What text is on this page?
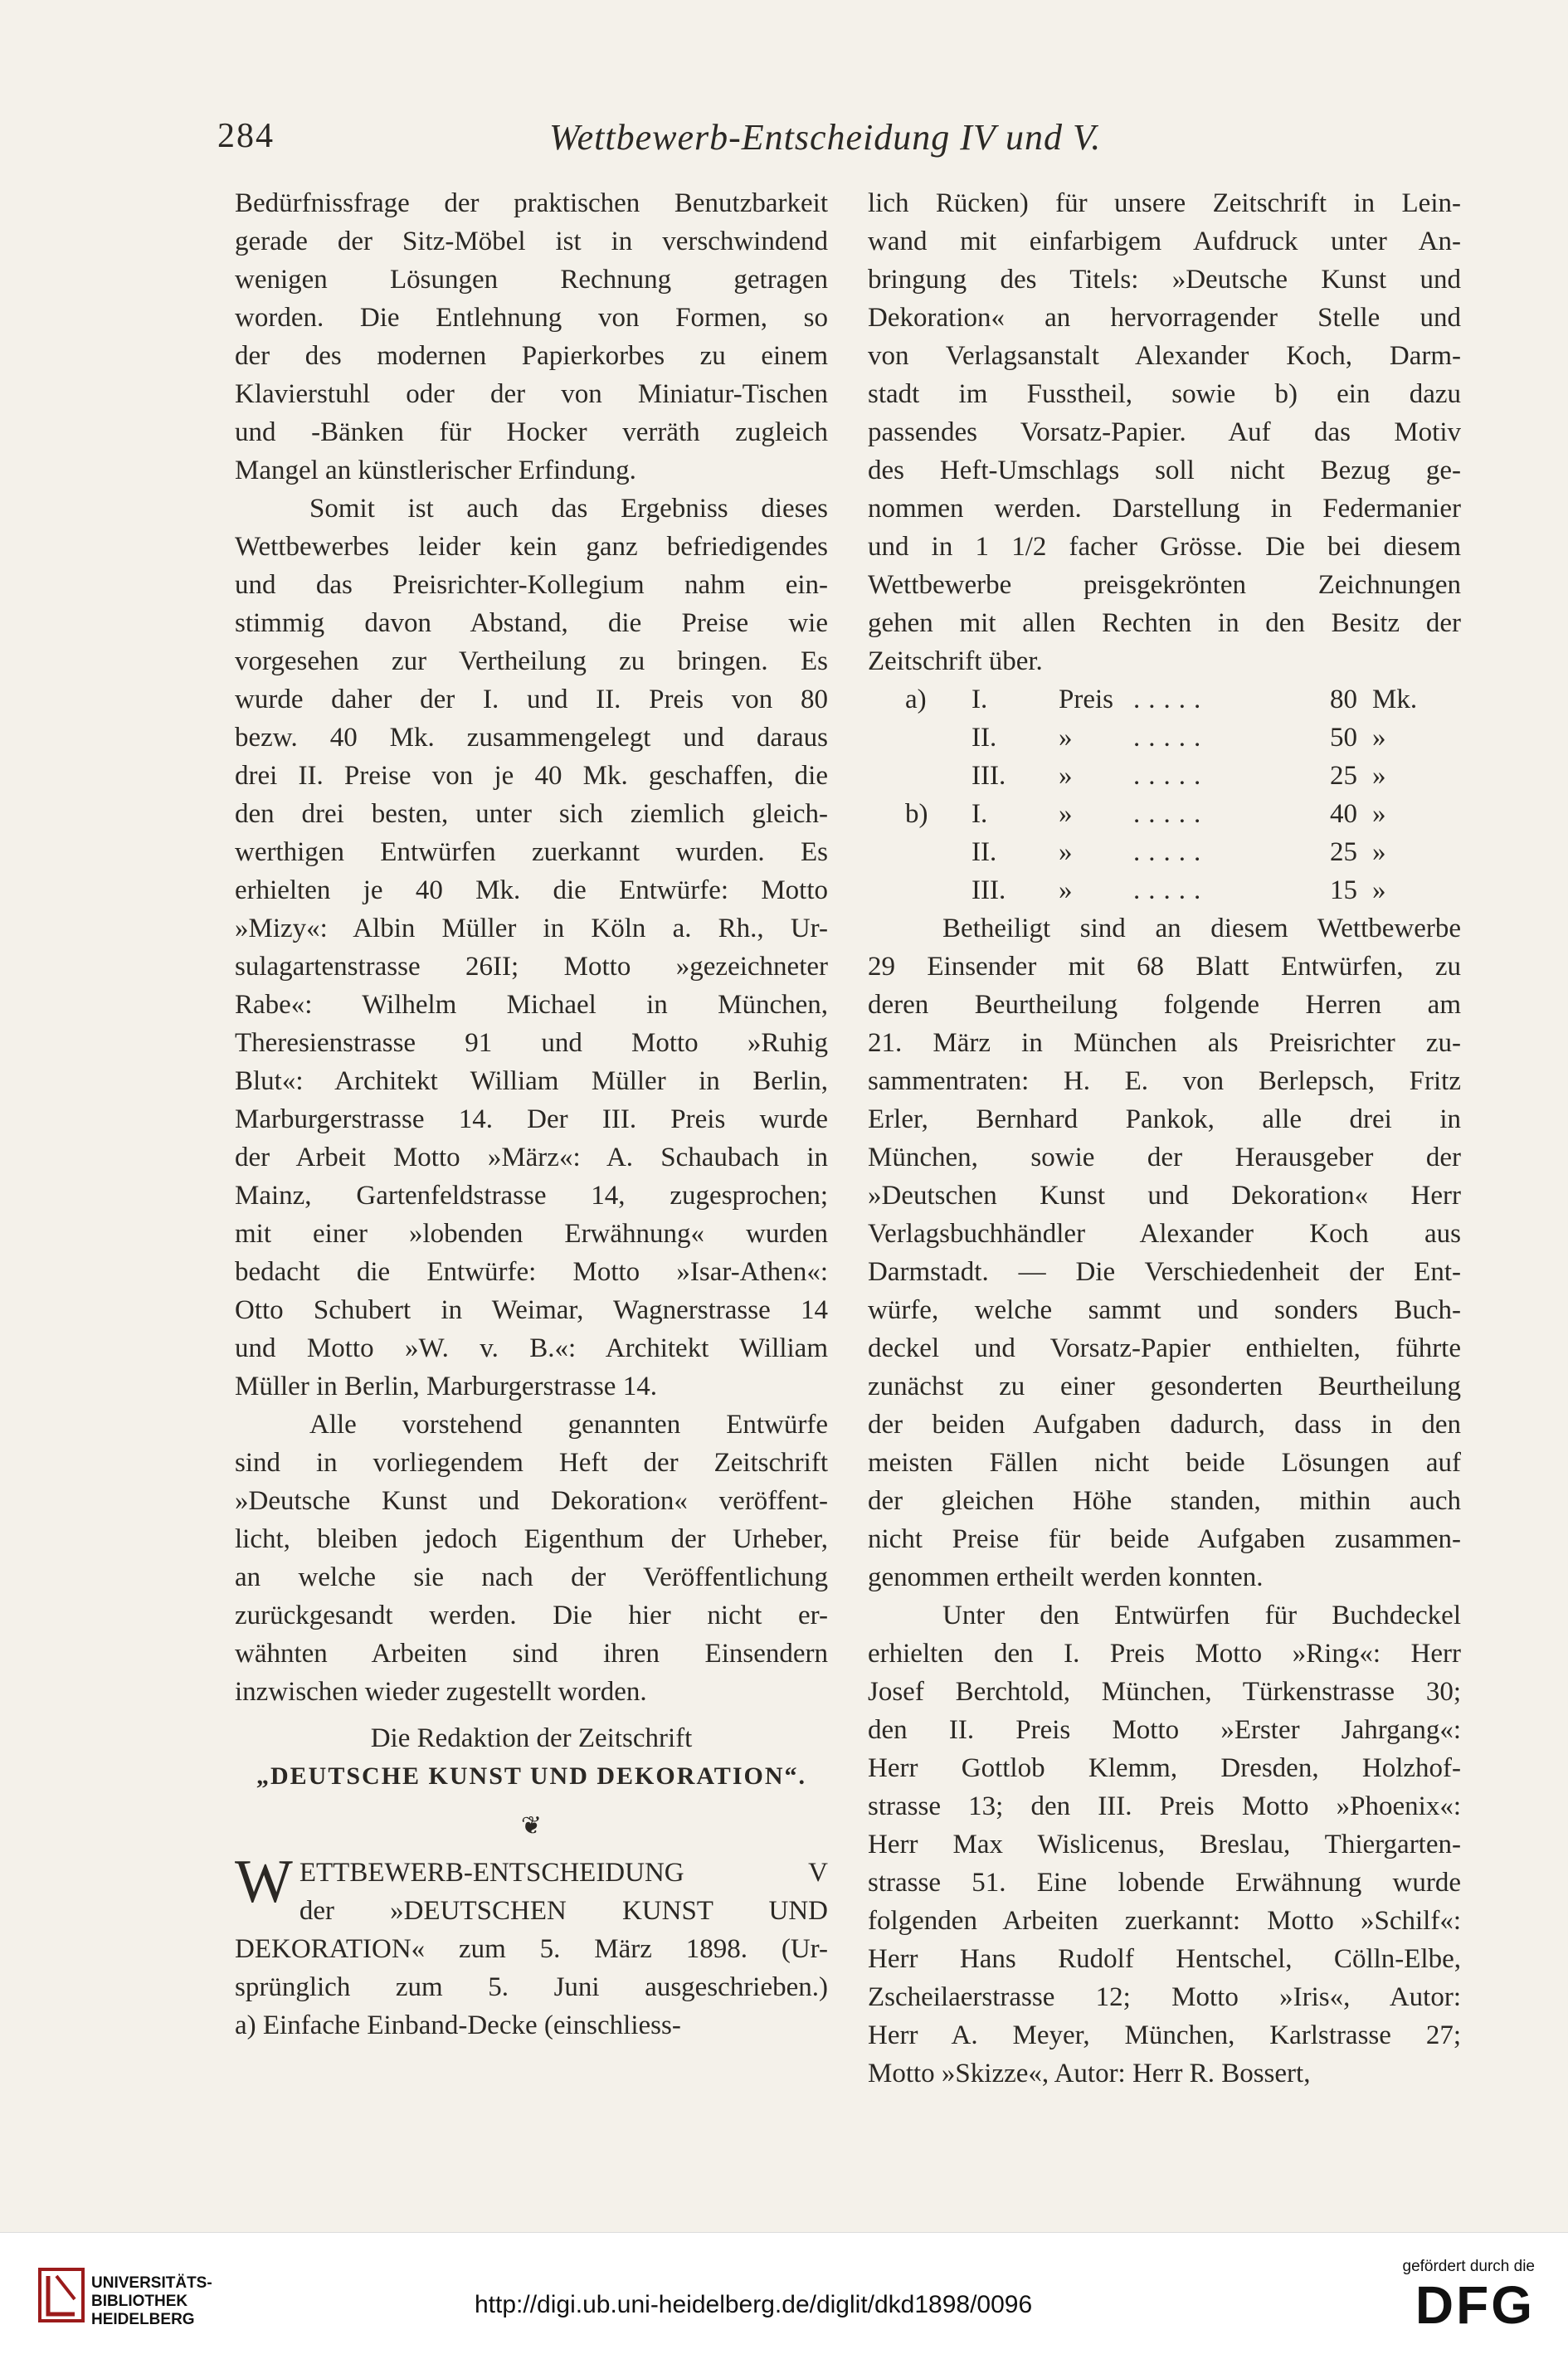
284	Wettbewerb-Entscheidung IV und V.
Bedürfnissfrage der praktischen Benutzbarkeit
gerade der Sitz-Möbel ist in verschwindend
wenigen Lösungen Rechnung getragen
worden. Die Entlehnung von Formen, so
der des modernen Papierkorbes zu einem
Klavierstuhl oder der von Miniatur-Tischen
und -Bänken für Hocker verräth zugleich
Mangel an künstlerischer Erfindung.
Somit ist auch das Ergebniss dieses
Wettbewerbes leider kein ganz befriedigendes
und das Preisrichter-Kollegium nahm ein-
stimmig davon Abstand, die Preise wie
vorgesehen zur Vertheilung zu bringen. Es
wurde daher der I. und II. Preis von 80
bezw. 40 Mk. zusammengelegt und daraus
drei II. Preise von je 40 Mk. geschaffen, die
den drei besten, unter sich ziemlich gleich-
werthigen Entwürfen zuerkannt wurden. Es
erhielten je 40 Mk. die Entwürfe: Motto
»Mizy«: Albin Müller in Köln a. Rh., Ur-
sulagartenstrasse 26II; Motto »gezeichneter
Rabe«: Wilhelm Michael in München,
Theresienstrasse 91 und Motto »Ruhig
Blut«: Architekt William Müller in Berlin,
Marburgerstrasse 14. Der III. Preis wurde
der Arbeit Motto »März«: A. Schaubach in
Mainz, Gartenfeldstrasse 14, zugesprochen;
mit einer »lobenden Erwähnung« wurden
bedacht die Entwürfe: Motto »Isar-Athen«:
Otto Schubert in Weimar, Wagnerstrasse 14
und Motto »W. v. B.«: Architekt William
Müller in Berlin, Marburgerstrasse 14.
Alle vorstehend genannten Entwürfe
sind in vorliegendem Heft der Zeitschrift
»Deutsche Kunst und Dekoration« veröffent-
licht, bleiben jedoch Eigenthum der Urheber,
an welche sie nach der Veröffentlichung
zurückgesandt werden. Die hier nicht er-
wähnten Arbeiten sind ihren Einsendern
inzwischen wieder zugestellt worden.
Die Redaktion der Zeitschrift
„DEUTSCHE KUNST UND DEKORATION“.
❦
W ETTBEWERB-ENTSCHEIDUNG V
der »DEUTSCHEN KUNST UND
DEKORATION« zum 5. März 1898. (Ur-
sprünglich zum 5. Juni ausgeschrieben.)
a) Einfache Einband-Decke (einschliess-
lich Rücken) für unsere Zeitschrift in Lein-
wand mit einfarbigem Aufdruck unter An-
bringung des Titels: »Deutsche Kunst und
Dekoration« an hervorragender Stelle und
von Verlagsanstalt Alexander Koch, Darm-
stadt im Fusstheil, sowie b) ein dazu
passendes Vorsatz-Papier. Auf das Motiv
des Heft-Umschlags soll nicht Bezug ge-
nommen werden. Darstellung in Federmanier
und in 1 1/2 facher Grösse. Die bei diesem
Wettbewerbe preisgekrönten Zeichnungen
gehen mit allen Rechten in den Besitz der
Zeitschrift über.
a)	I.	Preis .....	80 Mk.
II.	»	.....	50 »
III.	»	.....	25 »
b)	I.	»	.....	40 »
II.	»	.....	25 »
III.	»	.....	15 »
Betheiligt sind an diesem Wettbewerbe
29 Einsender mit 68 Blatt Entwürfen, zu
deren Beurtheilung folgende Herren am
21. März in München als Preisrichter zu-
sammentraten: H. E. von Berlepsch, Fritz
Erler, Bernhard Pankok, alle drei in
München, sowie der Herausgeber der
»Deutschen Kunst und Dekoration« Herr
Verlagsbuchhändler Alexander Koch aus
Darmstadt. — Die Verschiedenheit der Ent-
würfe, welche sammt und sonders Buch-
deckel und Vorsatz-Papier enthielten, führte
zunächst zu einer gesonderten Beurtheilung
der beiden Aufgaben dadurch, dass in den
meisten Fällen nicht beide Lösungen auf
der gleichen Höhe standen, mithin auch
nicht Preise für beide Aufgaben zusammen-
genommen ertheilt werden konnten.
Unter den Entwürfen für Buchdeckel
erhielten den I. Preis Motto »Ring«: Herr
Josef Berchtold, München, Türkenstrasse 30;
den II. Preis Motto »Erster Jahrgang«:
Herr Gottlob Klemm, Dresden, Holzhof-
strasse 13; den III. Preis Motto »Phoenix«:
Herr Max Wislicenus, Breslau, Thiergarten-
strasse 51. Eine lobende Erwähnung wurde
folgenden Arbeiten zuerkannt: Motto »Schilf«:
Herr Hans Rudolf Hentschel, Cölln-Elbe,
Zscheilaerstrasse 12; Motto »Iris«, Autor:
Herr A. Meyer, München, Karlstrasse 27;
Motto »Skizze«, Autor: Herr R. Bossert,
UNIVERSITÄTS-
BIBLIOTHEK
HEIDELBERG
http://digi.ub.uni-heidelberg.de/diglit/dkd1898/0096
gefördert durch die
DFG
